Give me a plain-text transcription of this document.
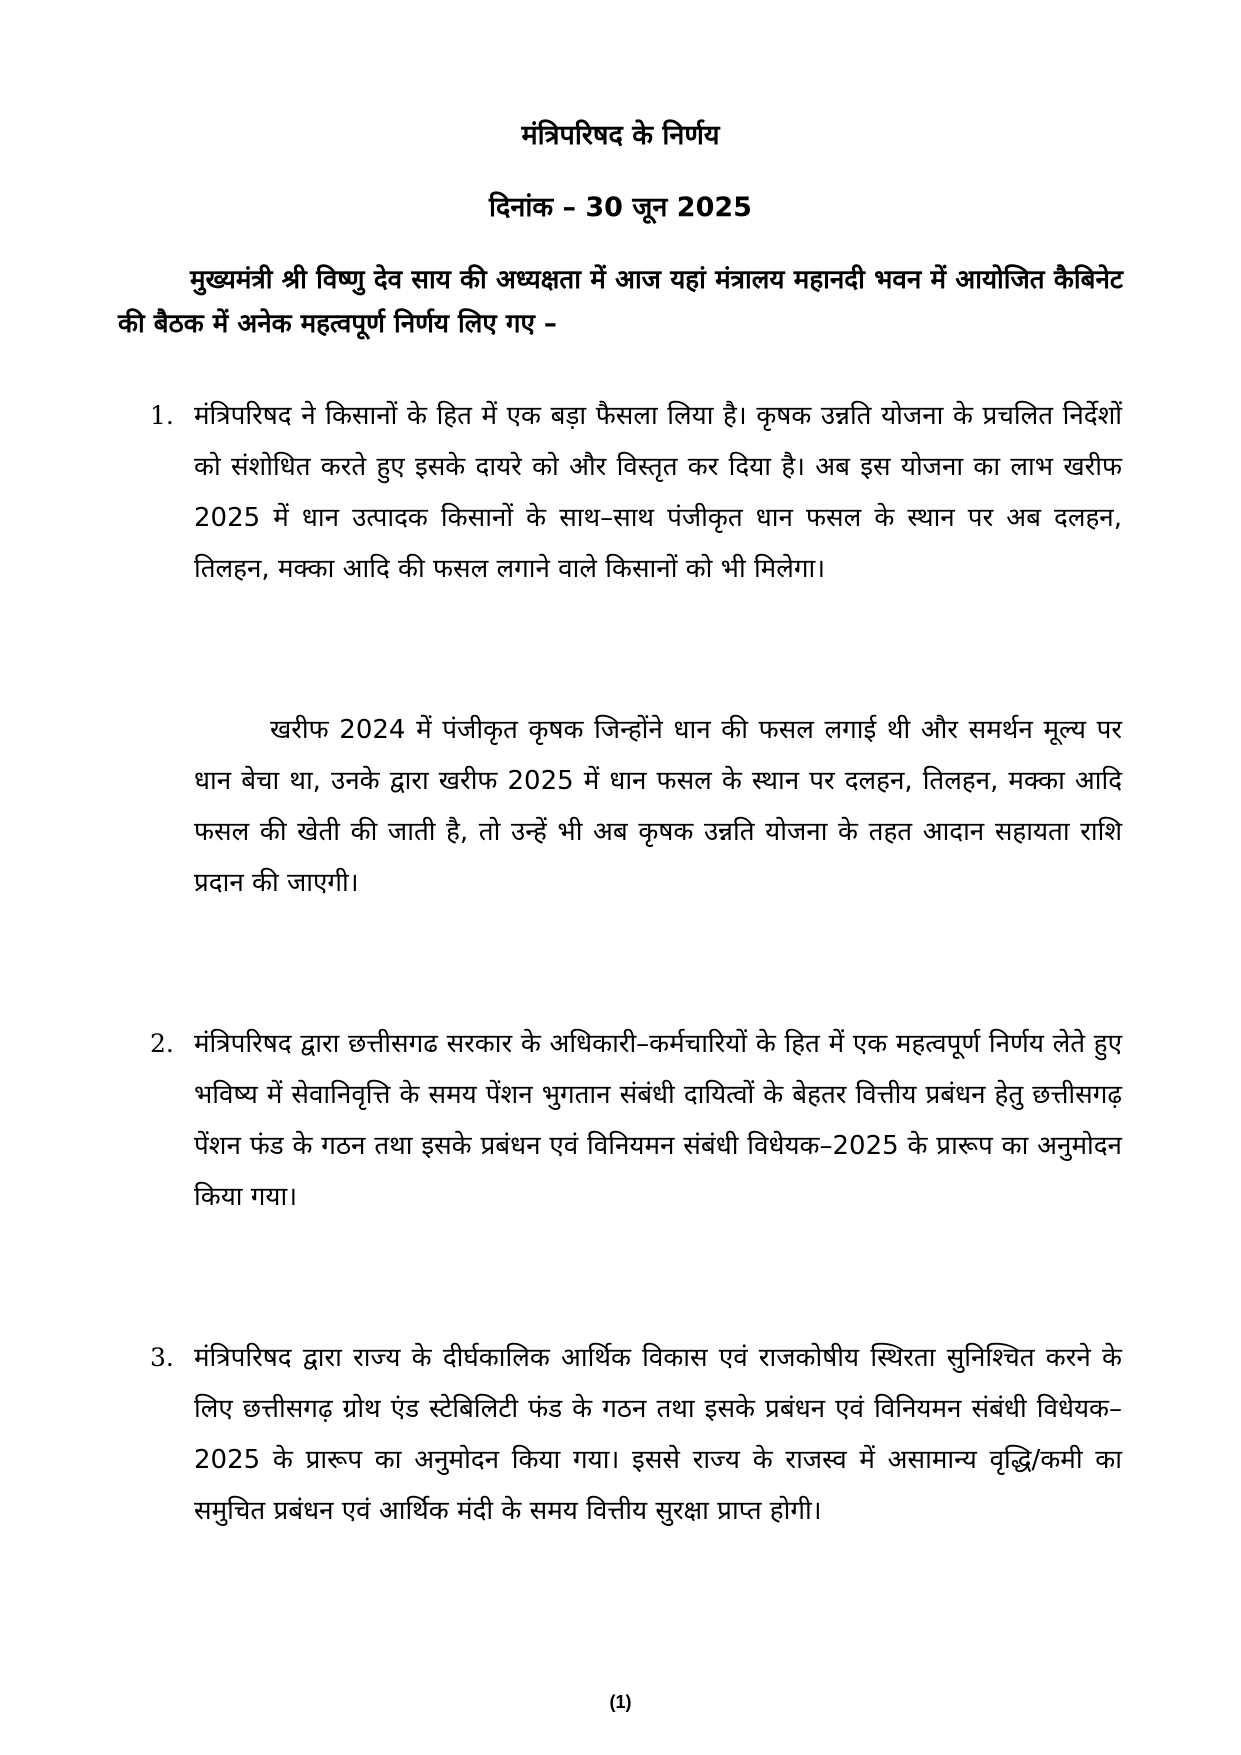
मंत्रिपरिषद के निर्णय
दिनांक – 30 जून 2025

मुख्यमंत्री श्री विष्णु देव साय की अध्यक्षता में आज यहां मंत्रालय महानदी भवन में आयोजित कैबिनेट की बैठक में अनेक महत्वपूर्ण निर्णय लिए गए –

1. मंत्रिपरिषद ने किसानों के हित में एक बड़ा फैसला लिया है। कृषक उन्नति योजना के प्रचलित निर्देशों को संशोधित करते हुए इसके दायरे को और विस्तृत कर दिया है। अब इस योजना का लाभ खरीफ 2025 में धान उत्पादक किसानों के साथ–साथ पंजीकृत धान फसल के स्थान पर अब दलहन, तिलहन, मक्का आदि की फसल लगाने वाले किसानों को भी मिलेगा।

खरीफ 2024 में पंजीकृत कृषक जिन्होंने धान की फसल लगाई थी और समर्थन मूल्य पर धान बेचा था, उनके द्वारा खरीफ 2025 में धान फसल के स्थान पर दलहन, तिलहन, मक्का आदि फसल की खेती की जाती है, तो उन्हें भी अब कृषक उन्नति योजना के तहत आदान सहायता राशि प्रदान की जाएगी।

2. मंत्रिपरिषद द्वारा छत्तीसगढ सरकार के अधिकारी–कर्मचारियों के हित में एक महत्वपूर्ण निर्णय लेते हुए भविष्य में सेवानिवृत्ति के समय पेंशन भुगतान संबंधी दायित्वों के बेहतर वित्तीय प्रबंधन हेतु छत्तीसगढ़ पेंशन फंड के गठन तथा इसके प्रबंधन एवं विनियमन संबंधी विधेयक–2025 के प्रारूप का अनुमोदन किया गया।

3. मंत्रिपरिषद द्वारा राज्य के दीर्घकालिक आर्थिक विकास एवं राजकोषीय स्थिरता सुनिश्चित करने के लिए छत्तीसगढ़ ग्रोथ एंड स्टेबिलिटी फंड के गठन तथा इसके प्रबंधन एवं विनियमन संबंधी विधेयक–2025 के प्रारूप का अनुमोदन किया गया। इससे राज्य के राजस्व में असामान्य वृद्धि/कमी का समुचित प्रबंधन एवं आर्थिक मंदी के समय वित्तीय सुरक्षा प्राप्त होगी।

(1)
